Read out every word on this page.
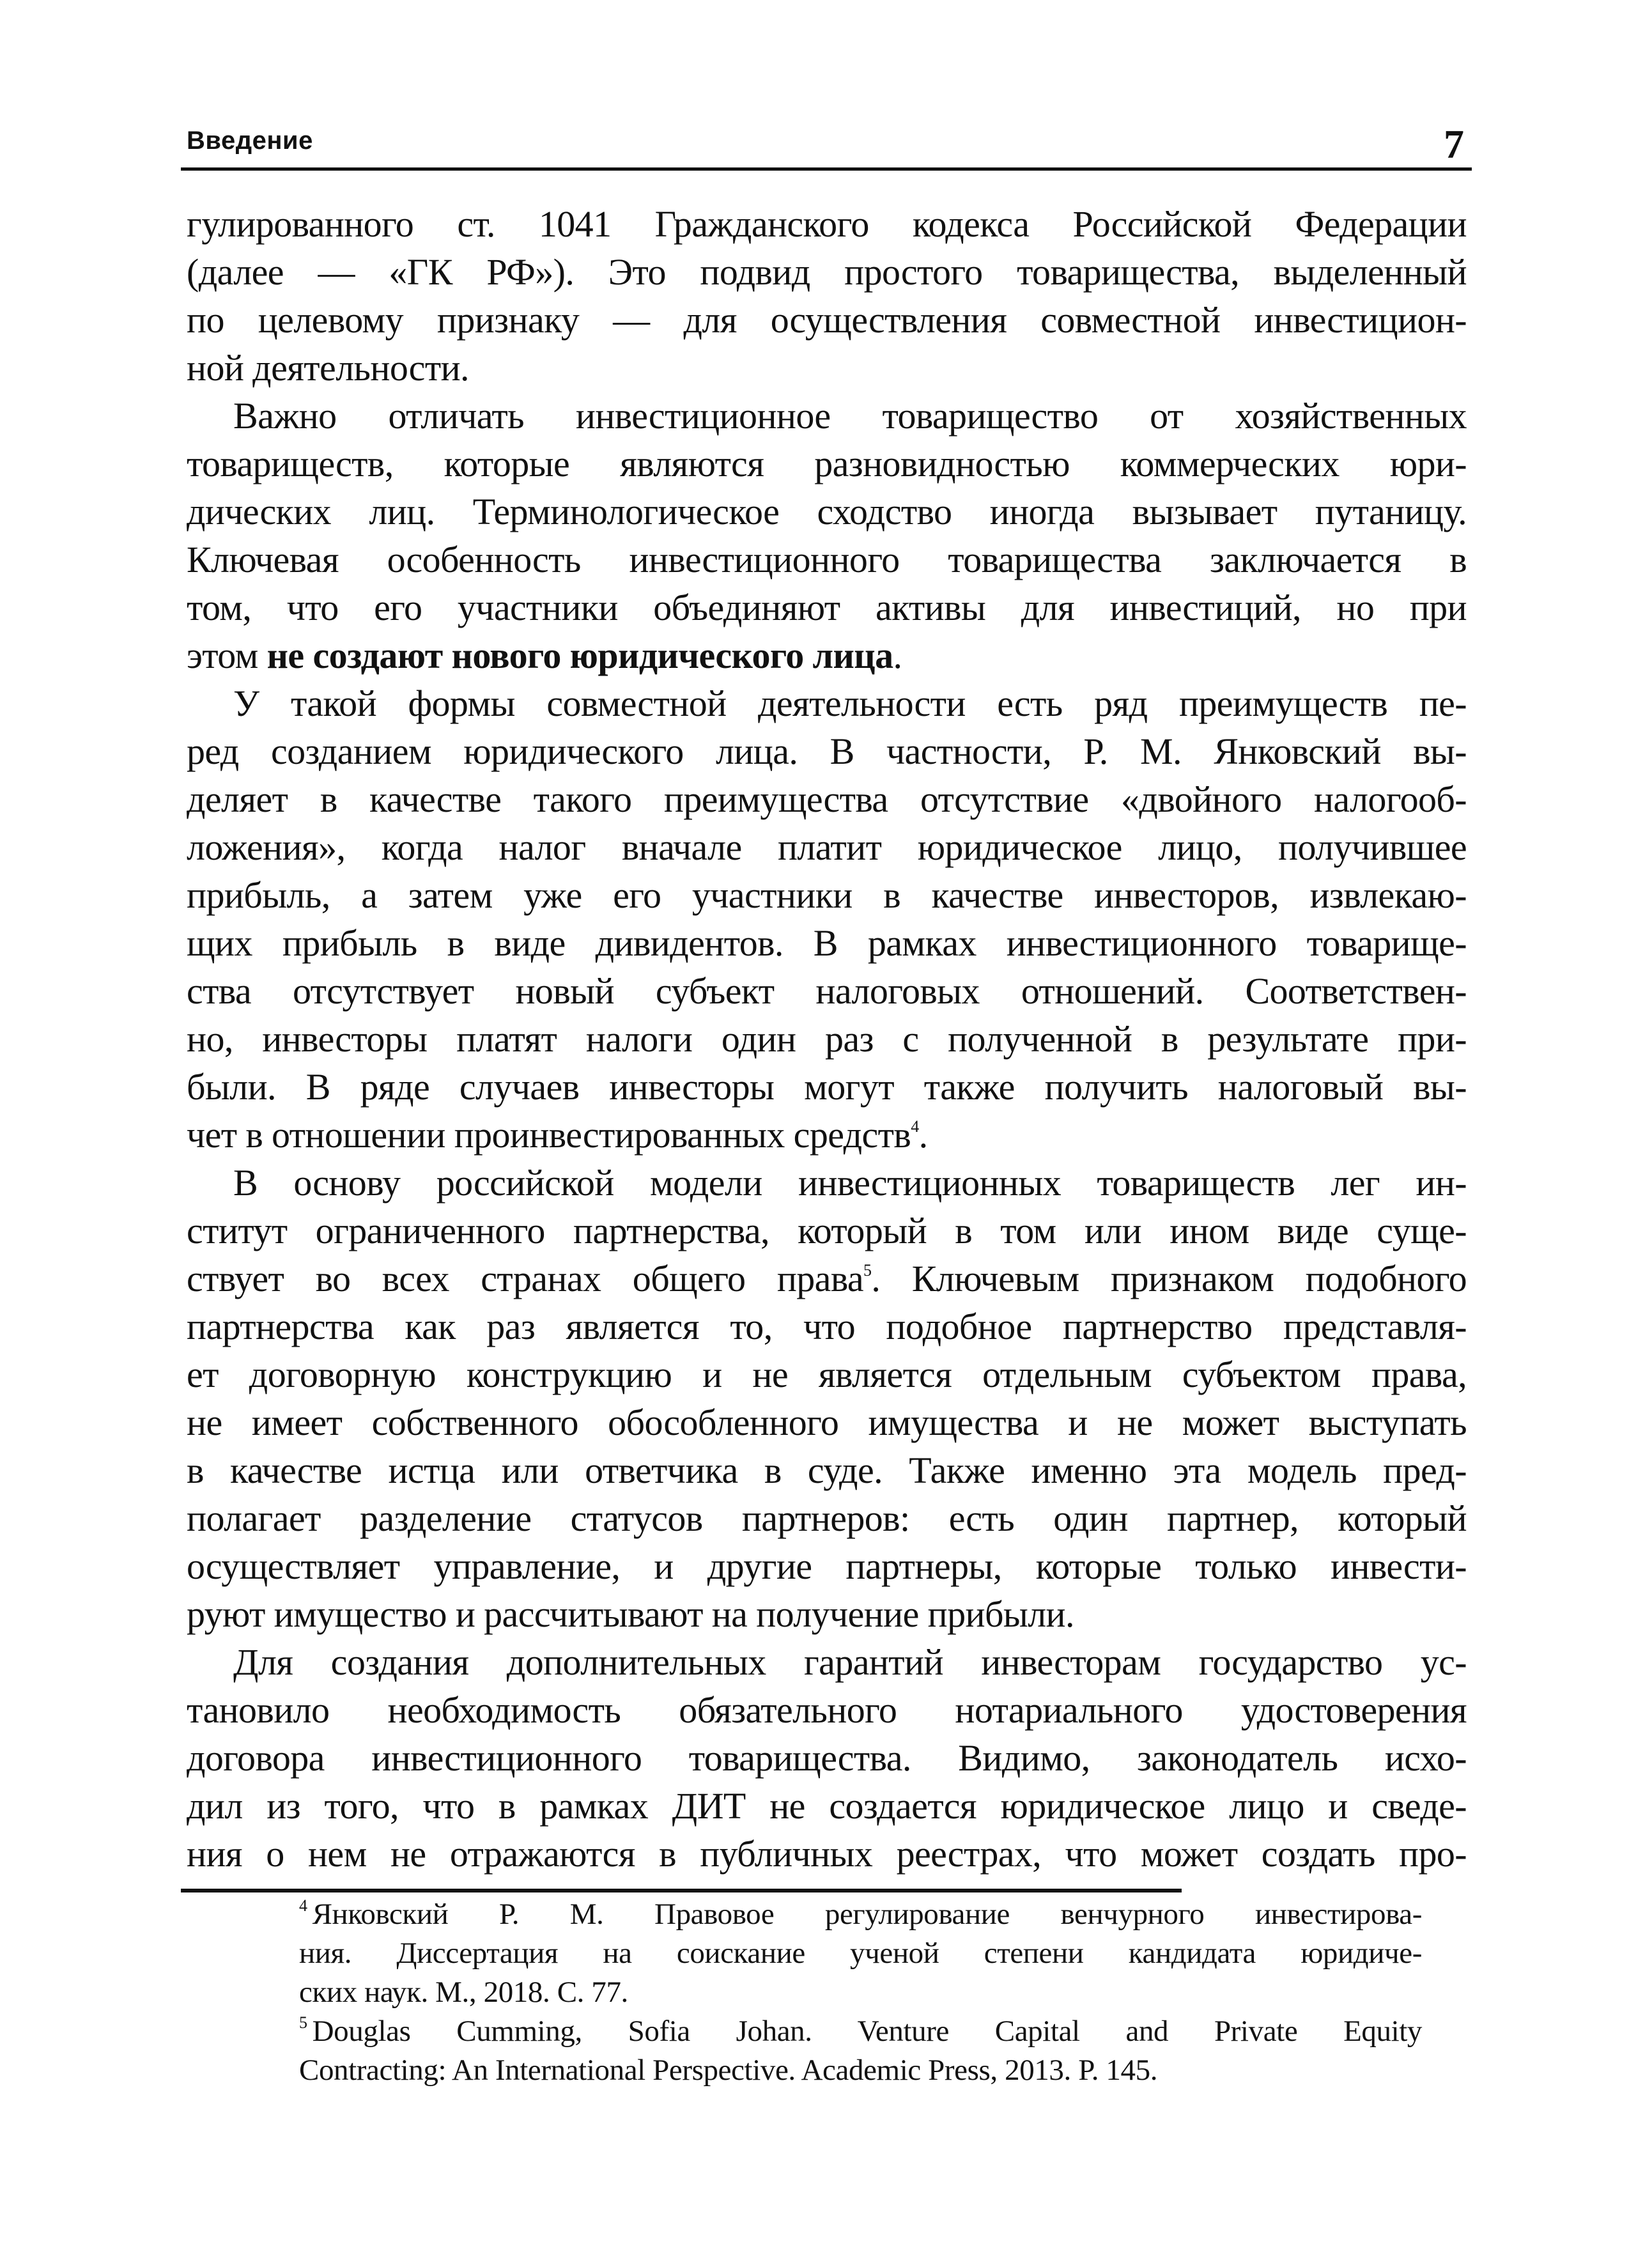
Введение	7
гулированного ст. 1041 Гражданского кодекса Российской Федерации
(далее — «ГК РФ»). Это подвид простого товарищества, выделенный
по целевому признаку — для осуществления совместной инвестицион-
ной деятельности.
Важно отличать инвестиционное товарищество от хозяйственных
товариществ, которые являются разновидностью коммерческих юри-
дических лиц. Терминологическое сходство иногда вызывает путаницу.
Ключевая особенность инвестиционного товарищества заключается в
том, что его участники объединяют активы для инвестиций, но при
этом не создают нового юридического лица.
У такой формы совместной деятельности есть ряд преимуществ пе-
ред созданием юридического лица. В частности, Р. М. Янковский вы-
деляет в качестве такого преимущества отсутствие «двойного налогооб-
ложения», когда налог вначале платит юридическое лицо, получившее
прибыль, а затем уже его участники в качестве инвесторов, извлекаю-
щих прибыль в виде дивидентов. В рамках инвестиционного товарище-
ства отсутствует новый субъект налоговых отношений. Соответствен-
но, инвесторы платят налоги один раз с полученной в результате при-
были. В ряде случаев инвесторы могут также получить налоговый вы-
чет в отношении проинвестированных средств$^4$.
В основу российской модели инвестиционных товариществ лег ин-
ститут ограниченного партнерства, который в том или ином виде суще-
ствует во всех странах общего права$^5$. Ключевым признаком подобного
партнерства как раз является то, что подобное партнерство представля-
ет договорную конструкцию и не является отдельным субъектом права,
не имеет собственного обособленного имущества и не может выступать
в качестве истца или ответчика в суде. Также именно эта модель пред-
полагает разделение статусов партнеров: есть один партнер, который
осуществляет управление, и другие партнеры, которые только инвести-
руют имущество и рассчитывают на получение прибыли.
Для создания дополнительных гарантий инвесторам государство ус-
тановило необходимость обязательного нотариального удостоверения
договора инвестиционного товарищества. Видимо, законодатель исхо-
дил из того, что в рамках ДИТ не создается юридическое лицо и сведе-
ния о нем не отражаются в публичных реестрах, что может создать про-
$^4$ Янковский Р. М. Правовое регулирование венчурного инвестирова-
ния. Диссертация на соискание ученой степени кандидата юридиче-
ских наук. М., 2018. С. 77.
$^5$ Douglas Cumming, Sofia Johan. Venture Capital and Private Equity
Contracting: An International Perspective. Academic Press, 2013. P. 145.
